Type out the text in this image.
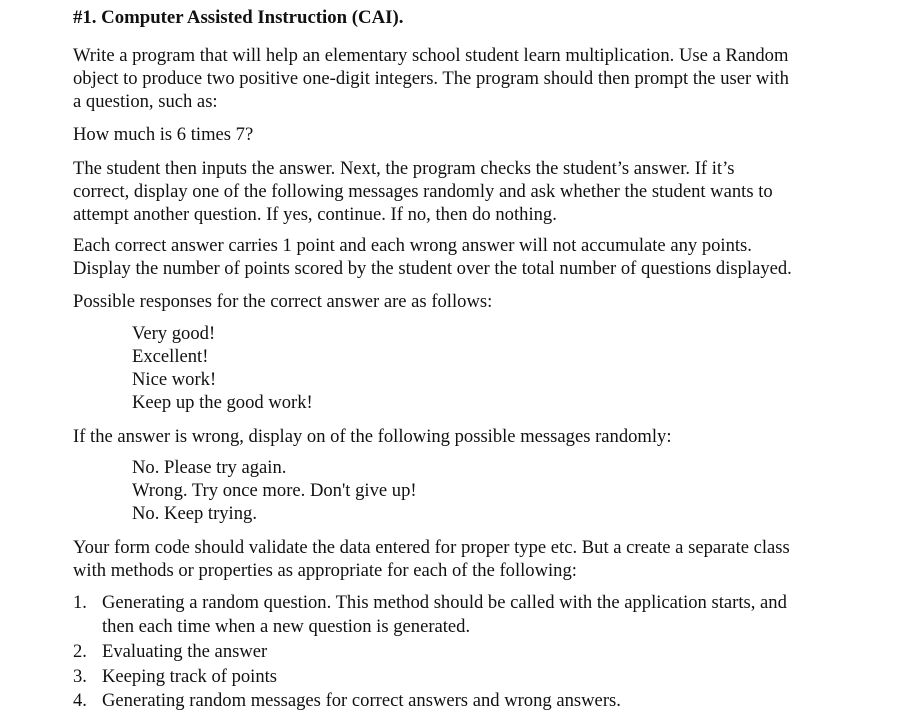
#1. Computer Assisted Instruction (CAI).
Write a program that will help an elementary school student learn multiplication. Use a Random
object to produce two positive one-digit integers. The program should then prompt the user with
a question, such as:
How much is 6 times 7?
The student then inputs the answer. Next, the program checks the student’s answer. If it’s
correct, display one of the following messages randomly and ask whether the student wants to
attempt another question. If yes, continue. If no, then do nothing.
Each correct answer carries 1 point and each wrong answer will not accumulate any points.
Display the number of points scored by the student over the total number of questions displayed.
Possible responses for the correct answer are as follows:
Very good!
Excellent!
Nice work!
Keep up the good work!
If the answer is wrong, display on of the following possible messages randomly:
No. Please try again.
Wrong. Try once more. Don't give up!
No. Keep trying.
Your form code should validate the data entered for proper type etc. But a create a separate class
with methods or properties as appropriate for each of the following:
1. Generating a random question. This method should be called with the application starts, and
then each time when a new question is generated.
2. Evaluating the answer
3. Keeping track of points
4. Generating random messages for correct answers and wrong answers.
